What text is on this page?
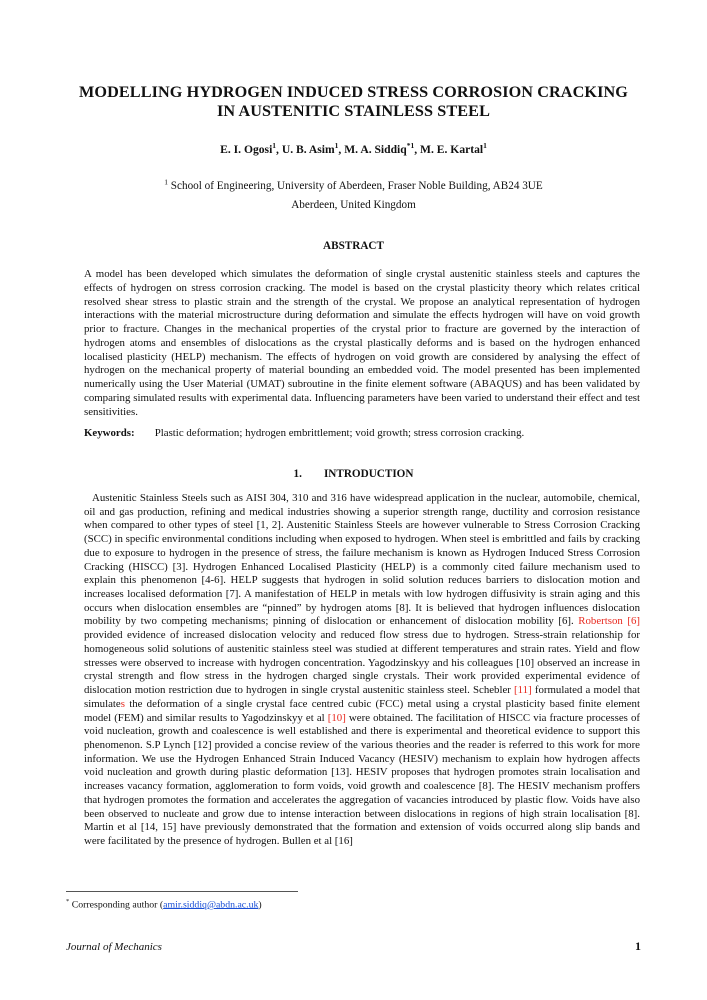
MODELLING HYDROGEN INDUCED STRESS CORROSION CRACKING
IN AUSTENITIC STAINLESS STEEL
E. I. Ogosi$^1$, U. B. Asim$^1$, M. A. Siddiq$^{*1}$, M. E. Kartal$^1$
$^1$ School of Engineering, University of Aberdeen, Fraser Noble Building, AB24 3UE
Aberdeen, United Kingdom
ABSTRACT
A model has been developed which simulates the deformation of single crystal austenitic stainless steels and captures the effects of hydrogen on stress corrosion cracking. The model is based on the crystal plasticity theory which relates critical resolved shear stress to plastic strain and the strength of the crystal. We propose an analytical representation of hydrogen interactions with the material microstructure during deformation and simulate the effects hydrogen will have on void growth prior to fracture. Changes in the mechanical properties of the crystal prior to fracture are governed by the interaction of hydrogen atoms and ensembles of dislocations as the crystal plastically deforms and is based on the hydrogen enhanced localised plasticity (HELP) mechanism. The effects of hydrogen on void growth are considered by analysing the effect of hydrogen on the mechanical property of material bounding an embedded void. The model presented has been implemented numerically using the User Material (UMAT) subroutine in the finite element software (ABAQUS) and has been validated by comparing simulated results with experimental data. Influencing parameters have been varied to understand their effect and test sensitivities.
Keywords: Plastic deformation; hydrogen embrittlement; void growth; stress corrosion cracking.
1. INTRODUCTION
Austenitic Stainless Steels such as AISI 304, 310 and 316 have widespread application in the nuclear, automobile, chemical, oil and gas production, refining and medical industries showing a superior strength range, ductility and corrosion resistance when compared to other types of steel [1, 2]. Austenitic Stainless Steels are however vulnerable to Stress Corrosion Cracking (SCC) in specific environmental conditions including when exposed to hydrogen. When steel is embrittled and fails by cracking due to exposure to hydrogen in the presence of stress, the failure mechanism is known as Hydrogen Induced Stress Corrosion Cracking (HISCC) [3]. Hydrogen Enhanced Localised Plasticity (HELP) is a commonly cited failure mechanism used to explain this phenomenon [4-6]. HELP suggests that hydrogen in solid solution reduces barriers to dislocation motion and increases localised deformation [7]. A manifestation of HELP in metals with low hydrogen diffusivity is strain aging and this occurs when dislocation ensembles are “pinned” by hydrogen atoms [8]. It is believed that hydrogen influences dislocation mobility by two competing mechanisms; pinning of dislocation or enhancement of dislocation mobility [6]. Robertson [6] provided evidence of increased dislocation velocity and reduced flow stress due to hydrogen. Stress-strain relationship for homogeneous solid solutions of austenitic stainless steel was studied at different temperatures and strain rates. Yield and flow stresses were observed to increase with hydrogen concentration. Yagodzinskyy and his colleagues [10] observed an increase in crystal strength and flow stress in the hydrogen charged single crystals. Their work provided experimental evidence of dislocation motion restriction due to hydrogen in single crystal austenitic stainless steel. Schebler [11] formulated a model that simulates the deformation of a single crystal face centred cubic (FCC) metal using a crystal plasticity based finite element model (FEM) and similar results to Yagodzinskyy et al [10] were obtained. The facilitation of HISCC via fracture processes of void nucleation, growth and coalescence is well established and there is experimental and theoretical evidence to support this phenomenon. S.P Lynch [12] provided a concise review of the various theories and the reader is referred to this work for more information. We use the Hydrogen Enhanced Strain Induced Vacancy (HESIV) mechanism to explain how hydrogen affects void nucleation and growth during plastic deformation [13]. HESIV proposes that hydrogen promotes strain localisation and increases vacancy formation, agglomeration to form voids, void growth and coalescence [8]. The HESIV mechanism proffers that hydrogen promotes the formation and accelerates the aggregation of vacancies introduced by plastic flow. Voids have also been observed to nucleate and grow due to intense interaction between dislocations in regions of high strain localisation [8]. Martin et al [14, 15] have previously demonstrated that the formation and extension of voids occurred along slip bands and were facilitated by the presence of hydrogen. Bullen et al [16]
* Corresponding author (amir.siddiq@abdn.ac.uk)
Journal of Mechanics	1
